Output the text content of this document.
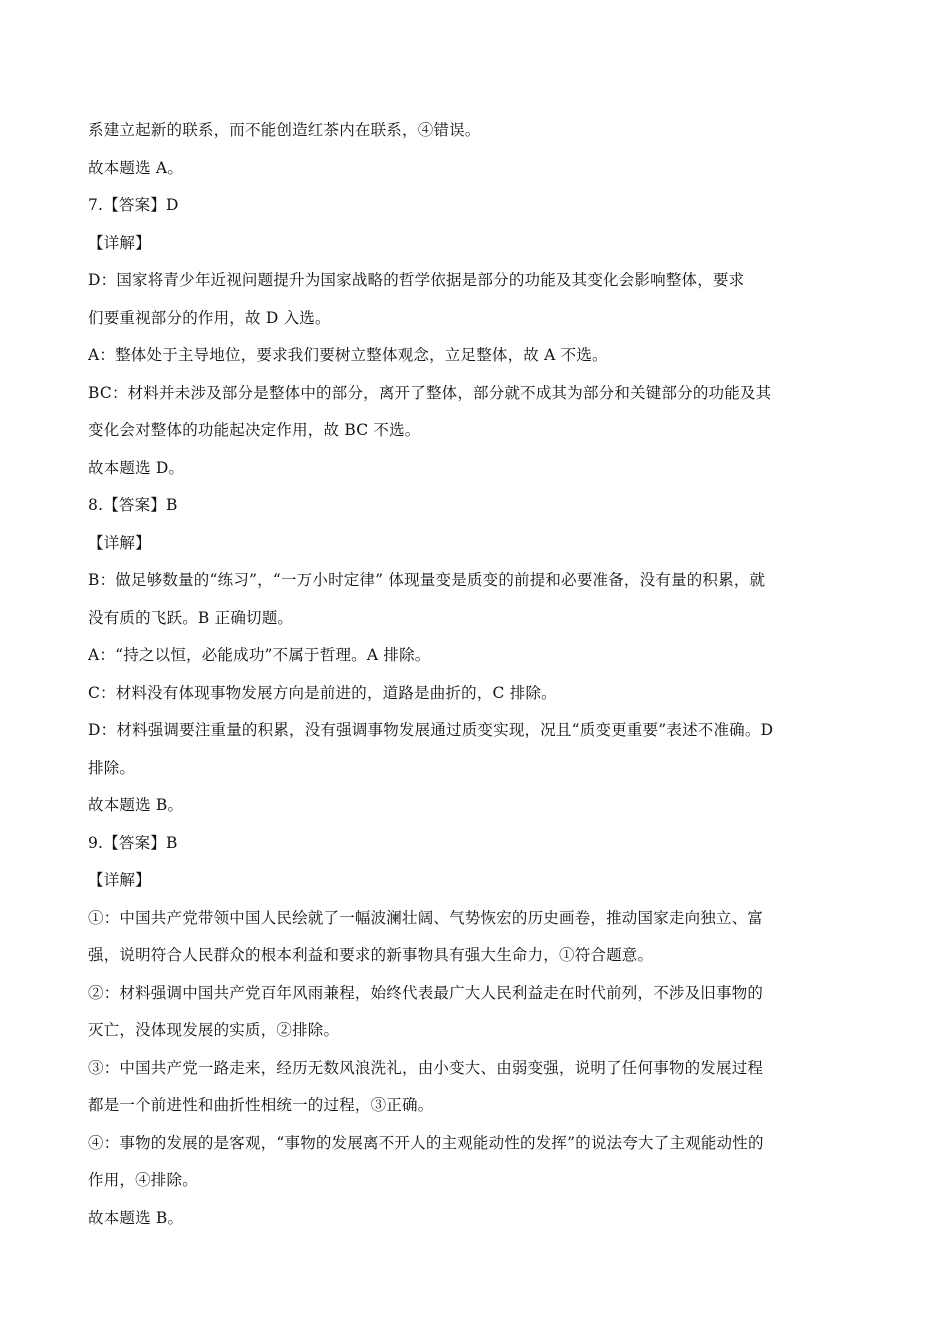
系建立起新的联系，而不能创造红茶内在联系，④错误。
故本题选 A。
7.【答案】D
【详解】
D：国家将青少年近视问题提升为国家战略的哲学依据是部分的功能及其变化会影响整体，要求
们要重视部分的作用，故 D 入选。
A：整体处于主导地位，要求我们要树立整体观念，立足整体，故 A 不选。
BC：材料并未涉及部分是整体中的部分，离开了整体，部分就不成其为部分和关键部分的功能及其
变化会对整体的功能起决定作用，故 BC 不选。
故本题选 D。
8.【答案】B
【详解】
B：做足够数量的“练习”，“一万小时定律” 体现量变是质变的前提和必要准备，没有量的积累，就
没有质的飞跃。B 正确切题。
A：“持之以恒，必能成功”不属于哲理。A 排除。
C：材料没有体现事物发展方向是前进的，道路是曲折的，C 排除。
D：材料强调要注重量的积累，没有强调事物发展通过质变实现，况且“质变更重要”表述不准确。D
排除。
故本题选 B。
9.【答案】B
【详解】
①：中国共产党带领中国人民绘就了一幅波澜壮阔、气势恢宏的历史画卷，推动国家走向独立、富
强，说明符合人民群众的根本利益和要求的新事物具有强大生命力，①符合题意。
②：材料强调中国共产党百年风雨兼程，始终代表最广大人民利益走在时代前列，不涉及旧事物的
灭亡，没体现发展的实质，②排除。
③：中国共产党一路走来，经历无数风浪洗礼，由小变大、由弱变强，说明了任何事物的发展过程
都是一个前进性和曲折性相统一的过程，③正确。
④：事物的发展的是客观，“事物的发展离不开人的主观能动性的发挥”的说法夸大了主观能动性的
作用，④排除。
故本题选 B。
